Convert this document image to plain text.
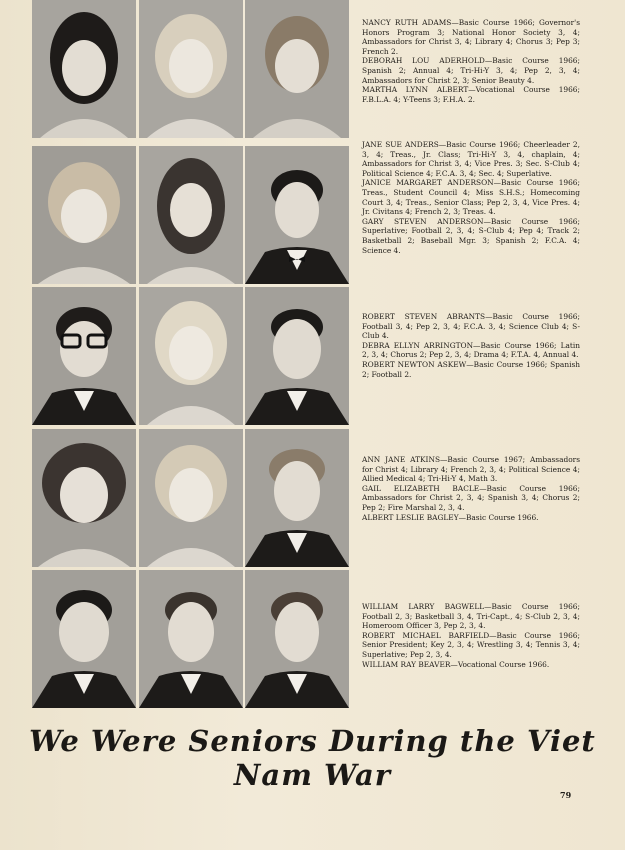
NANCY RUTH ADAMS—Basic Course 1966; Governor's Honors Program 3; National Honor Society 3, 4; Ambassadors for Christ 3, 4; Library 4; Chorus 3; Pep 3; French 2.

DEBORAH LOU ADERHOLD—Basic Course 1966; Spanish 2; Annual 4; Tri-Hi-Y 3, 4; Pep 2, 3, 4; Ambassadors for Christ 2, 3; Senior Beauty 4.

MARTHA LYNN ALBERT—Vocational Course 1966; F.B.L.A. 4; Y-Teens 3; F.H.A. 2.

JANE SUE ANDERS—Basic Course 1966; Cheerleader 2, 3, 4; Treas., Jr. Class; Tri-Hi-Y 3, 4, chaplain, 4; Ambassadors for Christ 3, 4; Vice Pres. 3; Sec. S-Club 4; Political Science 4; F.C.A. 3, 4; Sec. 4; Superlative.

JANICE MARGARET ANDERSON—Basic Course 1966; Treas., Student Council 4; Miss S.H.S.; Homecoming Court 3, 4; Treas., Senior Class; Pep 2, 3, 4, Vice Pres. 4; Jr. Civitans 4; French 2, 3; Treas. 4.

GARY STEVEN ANDERSON—Basic Course 1966; Superlative; Football 2, 3, 4; S-Club 4; Pep 4; Track 2; Basketball 2; Baseball Mgr. 3; Spanish 2; F.C.A. 4; Science 4.

ROBERT STEVEN ABRANTS—Basic Course 1966; Football 3, 4; Pep 2, 3, 4; F.C.A. 3, 4; Science Club 4; S-Club 4.

DEBRA ELLYN ARRINGTON—Basic Course 1966; Latin 2, 3, 4; Chorus 2; Pep 2, 3, 4; Drama 4; F.T.A. 4, Annual 4.

ROBERT NEWTON ASKEW—Basic Course 1966; Spanish 2; Football 2.

ANN JANE ATKINS—Basic Course 1967; Ambassadors for Christ 4; Library 4; French 2, 3, 4; Political Science 4; Allied Medical 4; Tri-Hi-Y 4, Math 3.

GAIL ELIZABETH BACLE—Basic Course 1966; Ambassadors for Christ 2, 3, 4; Spanish 3, 4; Chorus 2; Pep 2; Fire Marshal 2, 3, 4.

ALBERT LESLIE BAGLEY—Basic Course 1966.

WILLIAM LARRY BAGWELL—Basic Course 1966; Football 2, 3; Basketball 3, 4, Tri-Capt., 4; S-Club 2, 3, 4; Homeroom Officer 3, Pep 2, 3, 4.

ROBERT MICHAEL BARFIELD—Basic Course 1966; Senior President; Key 2, 3, 4; Wrestling 3, 4; Tennis 3, 4; Superlative; Pep 2, 3, 4.

WILLIAM RAY BEAVER—Vocational Course 1966.

We Were Seniors During the Viet Nam War
79
